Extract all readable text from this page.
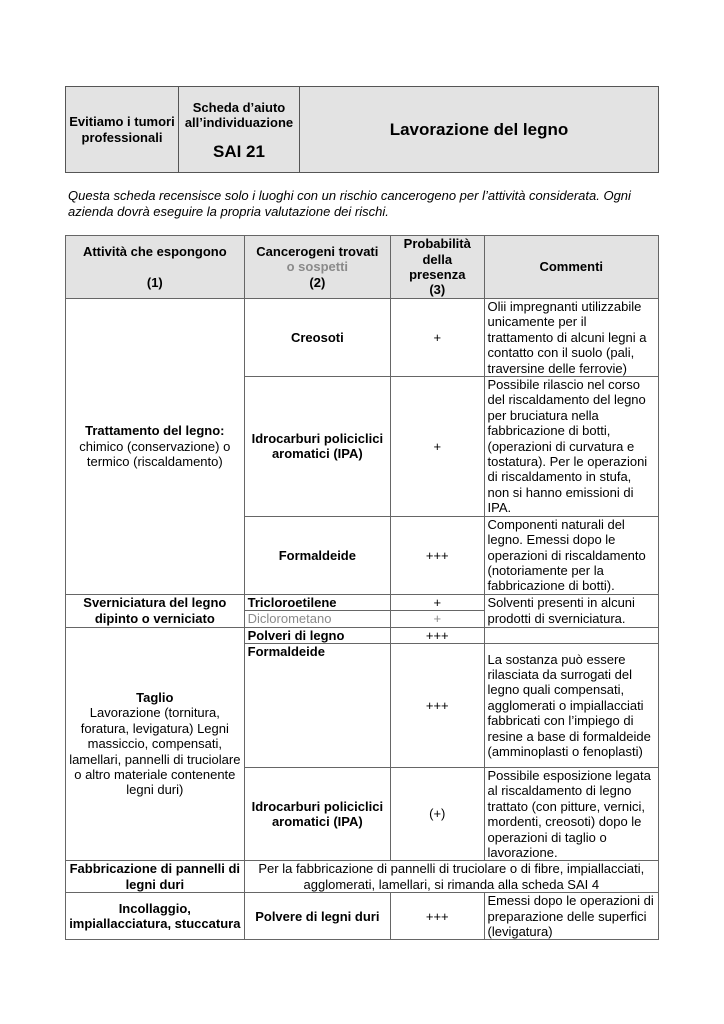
Evitiamo i tumori professionali	Scheda d’aiuto all’individuazione
SAI 21
	Lavorazione del legno
Questa scheda recensisce solo i luoghi con un rischio cancerogeno per l’attività considerata. Ogni azienda dovrà eseguire la propria valutazione dei rischi.
Attività che espongono
(1)	Cancerogeni trovati
o sospetti
(2)	Probabilità della presenza
(3)	Commenti

Trattamento del legno:
chimico (conservazione) o termico (riscaldamento)	Creosoti	+	Olii impregnanti utilizzabile unicamente per il trattamento di alcuni legni a contatto con il suolo (pali, traversine delle ferrovie)
	Idrocarburi policiclici aromatici (IPA)	+	Possibile rilascio nel corso del riscaldamento del legno per bruciatura nella fabbricazione di botti, (operazioni di curvatura e tostatura). Per le operazioni di riscaldamento in stufa, non si hanno emissioni di IPA.
	Formaldeide	+++	Componenti naturali del legno. Emessi dopo le operazioni di riscaldamento (notoriamente per la fabbricazione di botti).
Sverniciatura del legno dipinto o verniciato	Tricloroetilene	+	Solventi presenti in alcuni prodotti di sverniciatura.
	Diclorometano	+	

Taglio
Lavorazione (tornitura, foratura, levigatura) Legni massiccio, compensati, lamellari, pannelli di truciolare o altro materiale contenente legni duri)	Polveri di legno	+++	
	Formaldeide	+++	La sostanza può essere rilasciata da surrogati del legno quali compensati, agglomerati o impiallacciati fabbricati con l’impiego di resine a base di formaldeide (amminoplasti o fenoplasti)
	Idrocarburi policiclici aromatici (IPA)	(+)	Possibile esposizione legata al riscaldamento di legno trattato (con pitture, vernici, mordenti, creosoti) dopo le operazioni di taglio o lavorazione.
Fabbricazione di pannelli di legni duri	Per la fabbricazione di pannelli di truciolare o di fibre, impiallacciati, agglomerati, lamellari, si rimanda alla scheda SAI 4		
Incollaggio, impiallacciatura, stuccatura	Polvere di legni duri	+++	Emessi dopo le operazioni di preparazione delle superfici (levigatura)
